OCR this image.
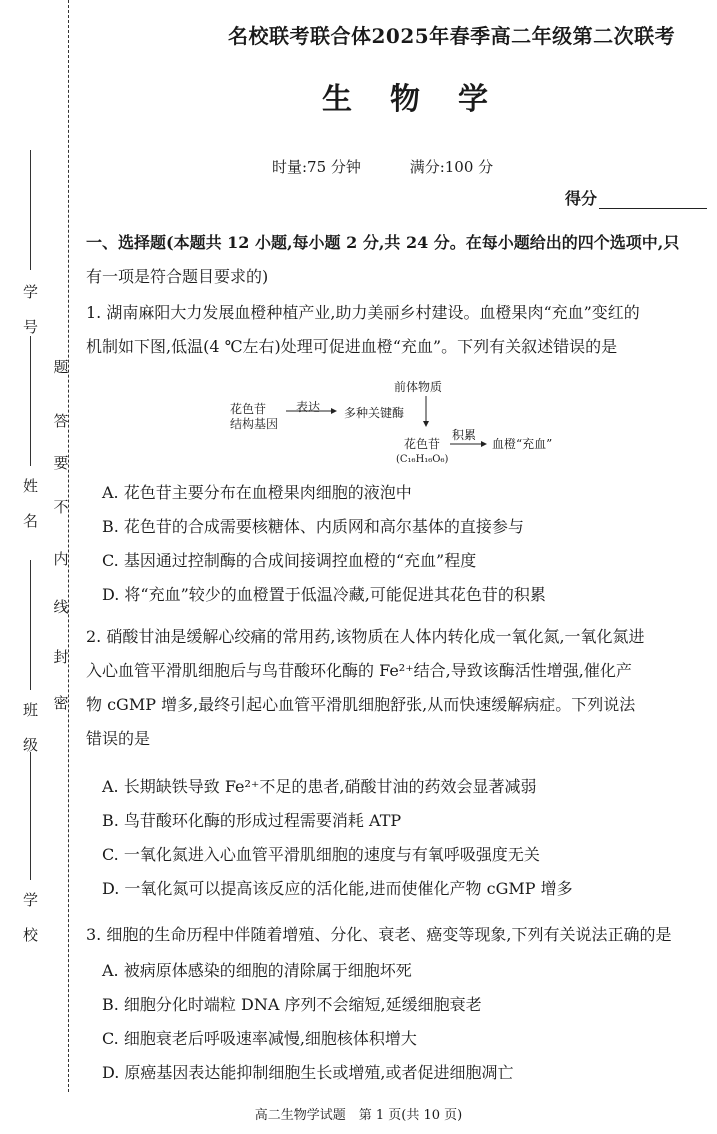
学号
姓名
班级
学校
题
答
要
不
内
线
封
密
名校联考联合体2025年春季高二年级第二次联考
生物学
时量:75 分钟	满分:100 分
得分
一、选择题(本题共 12 小题,每小题 2 分,共 24 分。在每小题给出的四个选项中,只
有一项是符合题目要求的)
1. 湖南麻阳大力发展血橙种植产业,助力美丽乡村建设。血橙果肉“充血”变红的
机制如下图,低温(4 ℃左右)处理可促进血橙“充血”。下列有关叙述错误的是
花色苷
结构基因
表达 多种关键酶
前体物质
花色苷
(C₁₆H₁₆O₆)
积累
血橙“充血”
A. 花色苷主要分布在血橙果肉细胞的液泡中
B. 花色苷的合成需要核糖体、内质网和高尔基体的直接参与
C. 基因通过控制酶的合成间接调控血橙的“充血”程度
D. 将“充血”较少的血橙置于低温冷藏,可能促进其花色苷的积累
2. 硝酸甘油是缓解心绞痛的常用药,该物质在人体内转化成一氧化氮,一氧化氮进
入心血管平滑肌细胞后与鸟苷酸环化酶的 Fe²⁺结合,导致该酶活性增强,催化产
物 cGMP 增多,最终引起心血管平滑肌细胞舒张,从而快速缓解病症。下列说法
错误的是
A. 长期缺铁导致 Fe²⁺不足的患者,硝酸甘油的药效会显著减弱
B. 鸟苷酸环化酶的形成过程需要消耗 ATP
C. 一氧化氮进入心血管平滑肌细胞的速度与有氧呼吸强度无关
D. 一氧化氮可以提高该反应的活化能,进而使催化产物 cGMP 增多
3. 细胞的生命历程中伴随着增殖、分化、衰老、癌变等现象,下列有关说法正确的是
A. 被病原体感染的细胞的清除属于细胞坏死
B. 细胞分化时端粒 DNA 序列不会缩短,延缓细胞衰老
C. 细胞衰老后呼吸速率减慢,细胞核体积增大
D. 原癌基因表达能抑制细胞生长或增殖,或者促进细胞凋亡
高二生物学试题　第 1 页(共 10 页)
